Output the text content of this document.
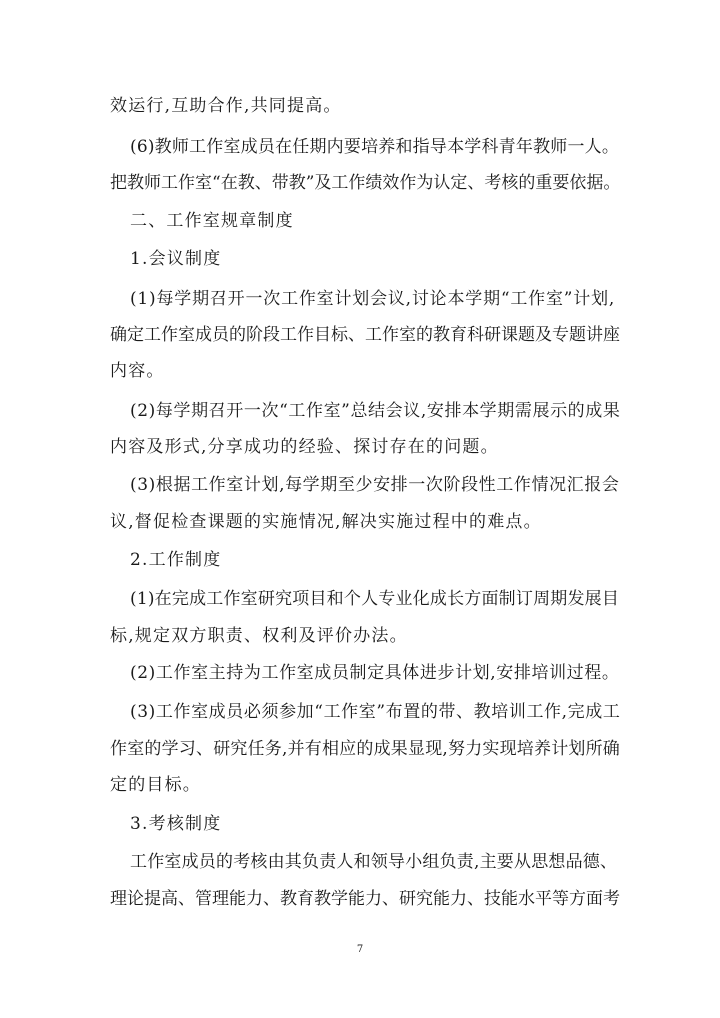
效运行,互助合作,共同提高。
(6)教师工作室成员在任期内要培养和指导本学科青年教师一人。
把教师工作室“在教、带教”及工作绩效作为认定、考核的重要依据。
二、工作室规章制度
1.会议制度
(1)每学期召开一次工作室计划会议,讨论本学期“工作室”计划,
确定工作室成员的阶段工作目标、工作室的教育科研课题及专题讲座
内容。
(2)每学期召开一次“工作室”总结会议,安排本学期需展示的成果
内容及形式,分享成功的经验、探讨存在的问题。
(3)根据工作室计划,每学期至少安排一次阶段性工作情况汇报会
议,督促检查课题的实施情况,解决实施过程中的难点。
2.工作制度
(1)在完成工作室研究项目和个人专业化成长方面制订周期发展目
标,规定双方职责、权利及评价办法。
(2)工作室主持为工作室成员制定具体进步计划,安排培训过程。
(3)工作室成员必须参加“工作室”布置的带、教培训工作,完成工
作室的学习、研究任务,并有相应的成果显现,努力实现培养计划所确
定的目标。
3.考核制度
工作室成员的考核由其负责人和领导小组负责,主要从思想品德、
理论提高、管理能力、教育教学能力、研究能力、技能水平等方面考
7
